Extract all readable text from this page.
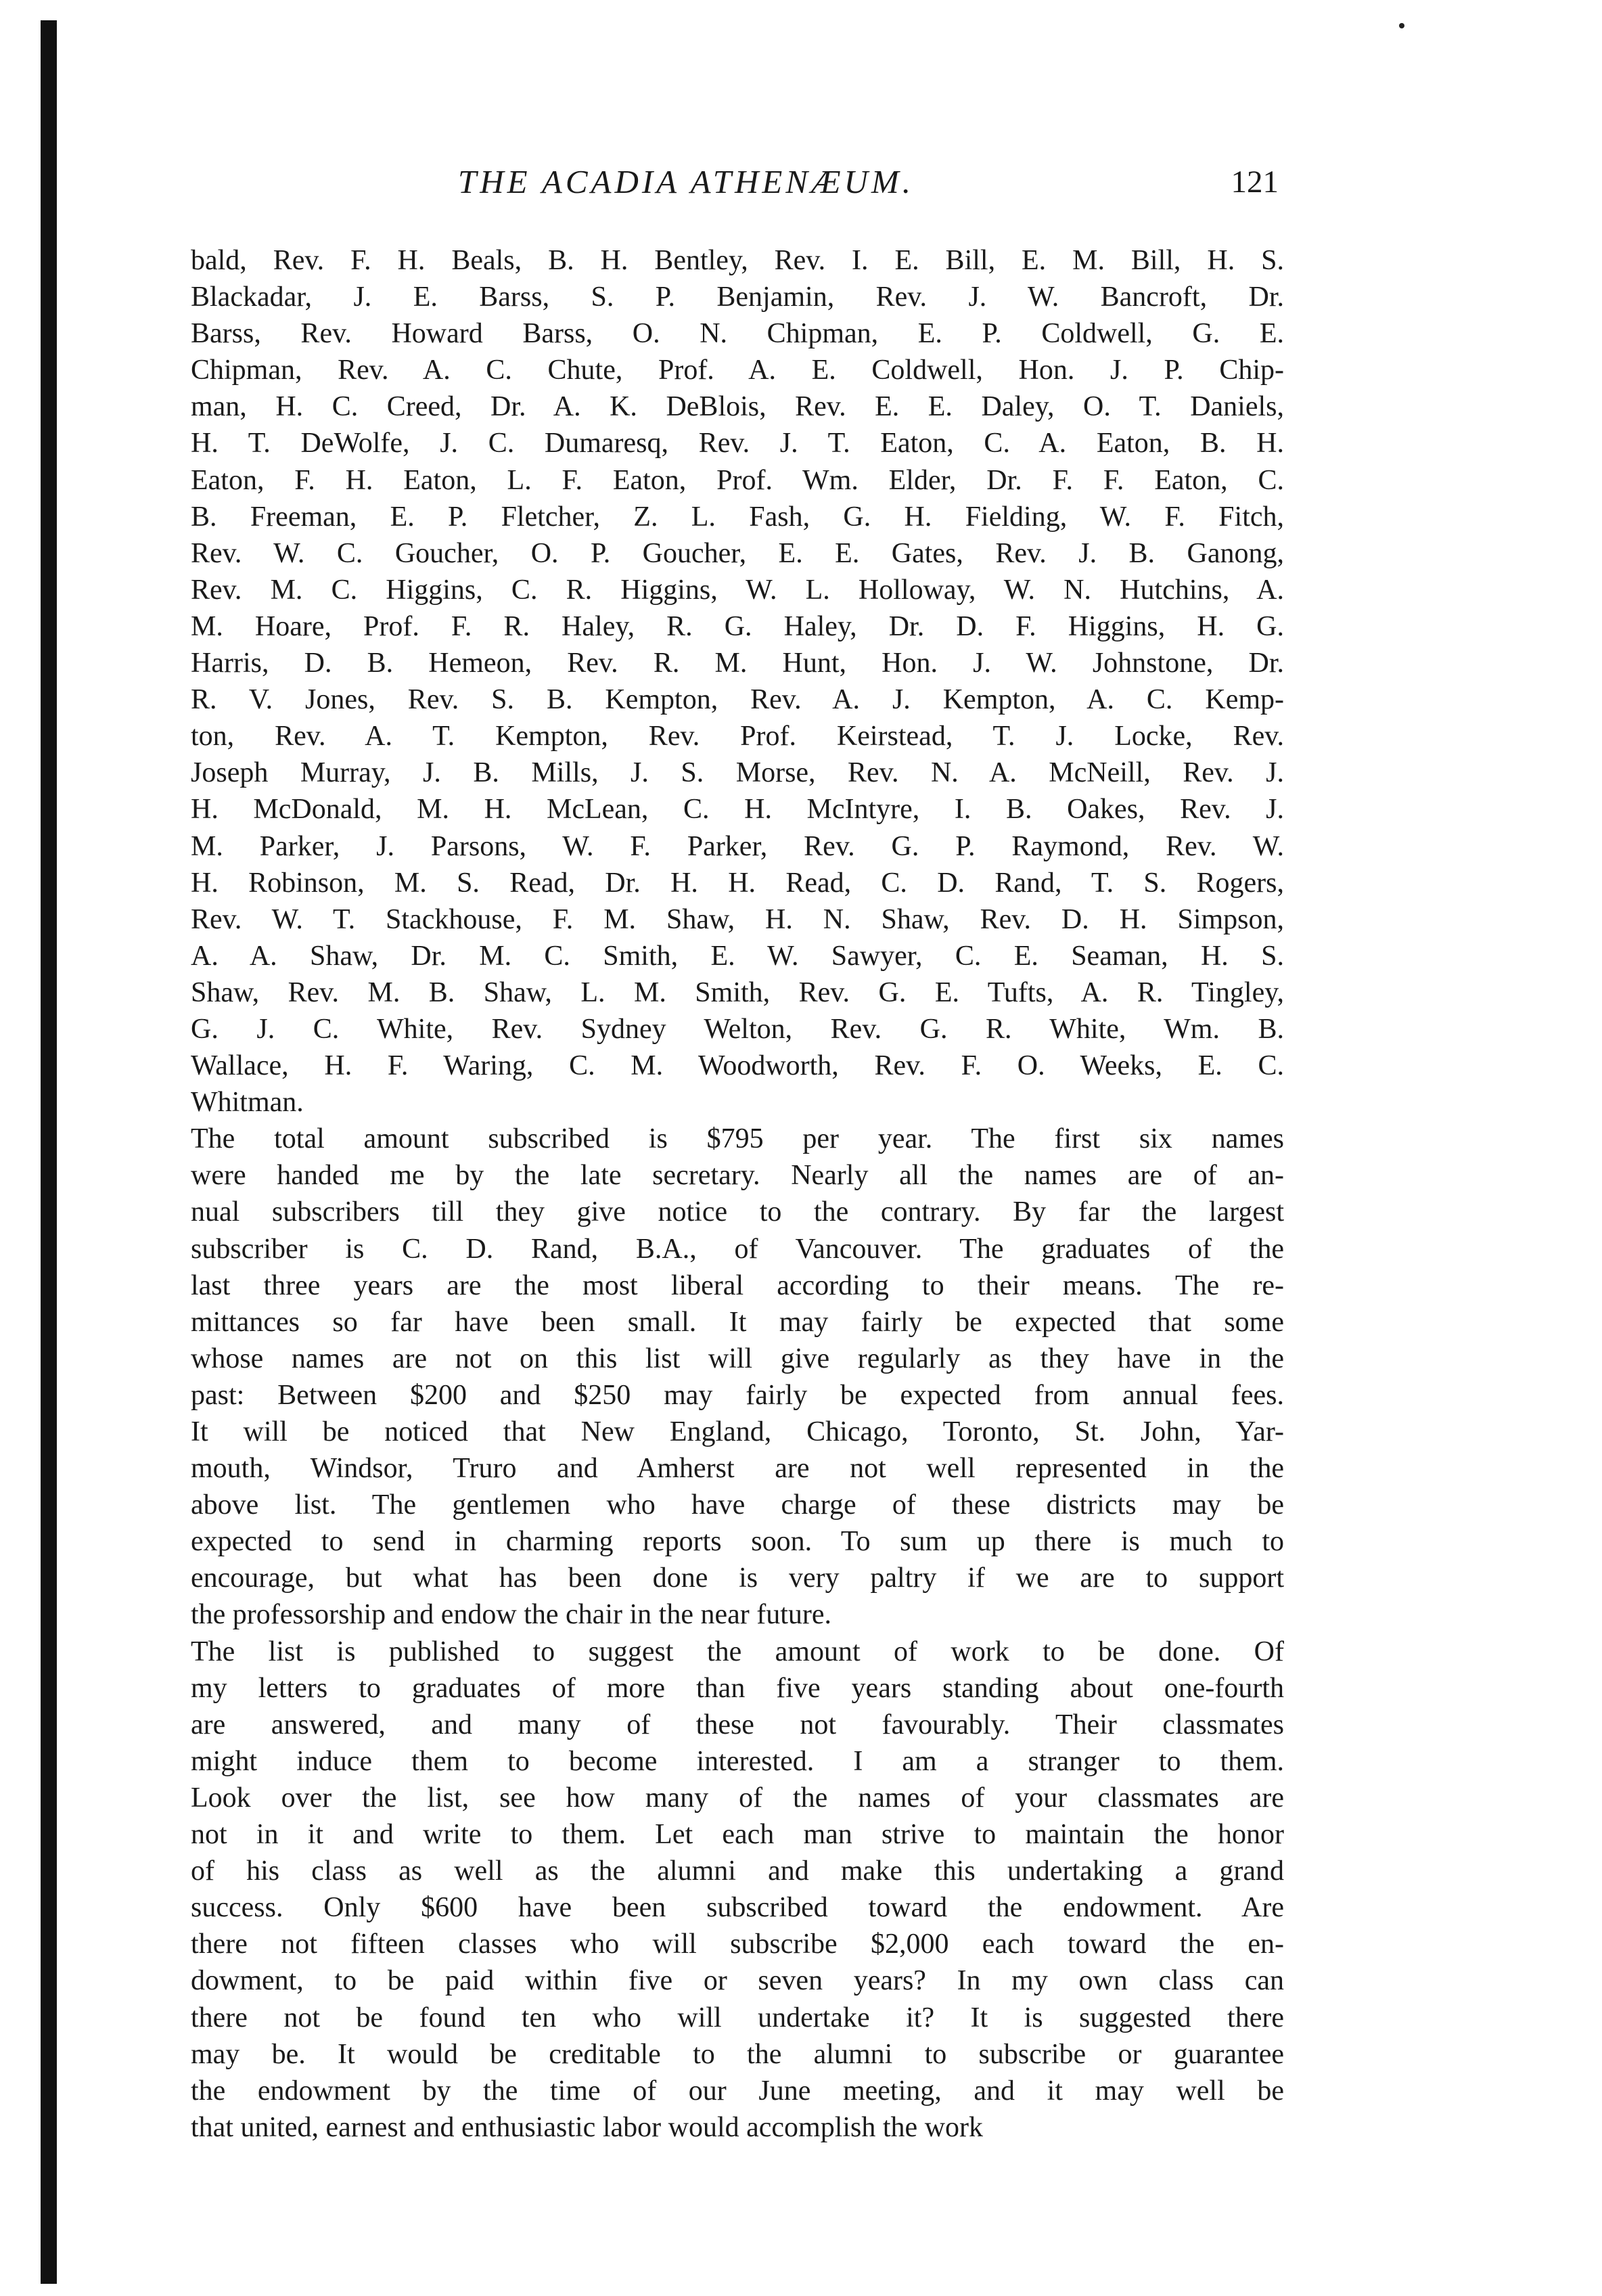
THE ACADIA ATHENÆUM.	121
bald, Rev. F. H. Beals, B. H. Bentley, Rev. I. E. Bill, E. M. Bill, H. S.
Blackadar, J. E. Barss, S. P. Benjamin, Rev. J. W. Bancroft, Dr.
Barss, Rev. Howard Barss, O. N. Chipman, E. P. Coldwell, G. E.
Chipman, Rev. A. C. Chute, Prof. A. E. Coldwell, Hon. J. P. Chip-
man, H. C. Creed, Dr. A. K. DeBlois, Rev. E. E. Daley, O. T. Daniels,
H. T. DeWolfe, J. C. Dumaresq, Rev. J. T. Eaton, C. A. Eaton, B. H.
Eaton, F. H. Eaton, L. F. Eaton, Prof. Wm. Elder, Dr. F. F. Eaton, C.
B. Freeman, E. P. Fletcher, Z. L. Fash, G. H. Fielding, W. F. Fitch,
Rev. W. C. Goucher, O. P. Goucher, E. E. Gates, Rev. J. B. Ganong,
Rev. M. C. Higgins, C. R. Higgins, W. L. Holloway, W. N. Hutchins, A.
M. Hoare, Prof. F. R. Haley, R. G. Haley, Dr. D. F. Higgins, H. G.
Harris, D. B. Hemeon, Rev. R. M. Hunt, Hon. J. W. Johnstone, Dr.
R. V. Jones, Rev. S. B. Kempton, Rev. A. J. Kempton, A. C. Kemp-
ton, Rev. A. T. Kempton, Rev. Prof. Keirstead, T. J. Locke, Rev.
Joseph Murray, J. B. Mills, J. S. Morse, Rev. N. A. McNeill, Rev. J.
H. McDonald, M. H. McLean, C. H. McIntyre, I. B. Oakes, Rev. J.
M. Parker, J. Parsons, W. F. Parker, Rev. G. P. Raymond, Rev. W.
H. Robinson, M. S. Read, Dr. H. H. Read, C. D. Rand, T. S. Rogers,
Rev. W. T. Stackhouse, F. M. Shaw, H. N. Shaw, Rev. D. H. Simpson,
A. A. Shaw, Dr. M. C. Smith, E. W. Sawyer, C. E. Seaman, H. S.
Shaw, Rev. M. B. Shaw, L. M. Smith, Rev. G. E. Tufts, A. R. Tingley,
G. J. C. White, Rev. Sydney Welton, Rev. G. R. White, Wm. B.
Wallace, H. F. Waring, C. M. Woodworth, Rev. F. O. Weeks, E. C.
Whitman.
The total amount subscribed is $795 per year. The first six names
were handed me by the late secretary. Nearly all the names are of an-
nual subscribers till they give notice to the contrary. By far the largest
subscriber is C. D. Rand, B.A., of Vancouver. The graduates of the
last three years are the most liberal according to their means. The re-
mittances so far have been small. It may fairly be expected that some
whose names are not on this list will give regularly as they have in the
past: Between $200 and $250 may fairly be expected from annual fees.
It will be noticed that New England, Chicago, Toronto, St. John, Yar-
mouth, Windsor, Truro and Amherst are not well represented in the
above list. The gentlemen who have charge of these districts may be
expected to send in charming reports soon. To sum up there is much to
encourage, but what has been done is very paltry if we are to support
the professorship and endow the chair in the near future.
The list is published to suggest the amount of work to be done. Of
my letters to graduates of more than five years standing about one-fourth
are answered, and many of these not favourably. Their classmates
might induce them to become interested. I am a stranger to them.
Look over the list, see how many of the names of your classmates are
not in it and write to them. Let each man strive to maintain the honor
of his class as well as the alumni and make this undertaking a grand
success. Only $600 have been subscribed toward the endowment. Are
there not fifteen classes who will subscribe $2,000 each toward the en-
dowment, to be paid within five or seven years? In my own class can
there not be found ten who will undertake it? It is suggested there
may be. It would be creditable to the alumni to subscribe or guarantee
the endowment by the time of our June meeting, and it may well be
that united, earnest and enthusiastic labor would accomplish the work
